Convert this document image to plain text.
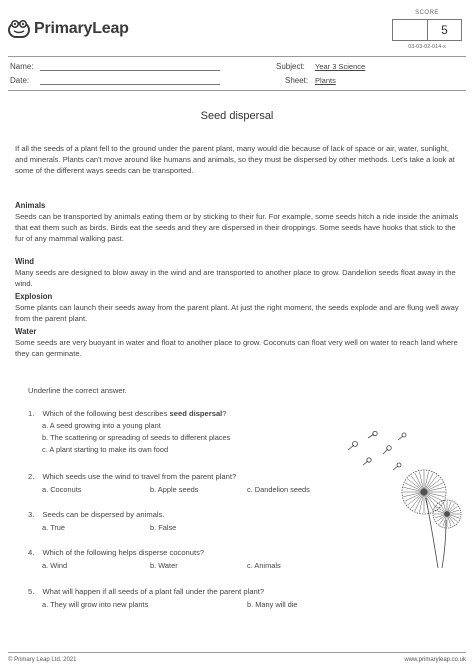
PrimaryLeap
SCORE
5
03-03-02-014-s
Name:
Date:
Subject: Year 3 Science
Sheet: Plants
Seed dispersal

If all the seeds of a plant fell to the ground under the parent plant, many would die because of lack of space or air, water, sunlight, and minerals. Plants can't move around like humans and animals, so they must be dispersed by other methods. Let's take a look at some of the different ways seeds can be transported.

Animals

Seeds can be transported by animals eating them or by sticking to their fur. For example, some seeds hitch a ride inside the animals that eat them such as birds. Birds eat the seeds and they are dispersed in their droppings. Some seeds have hooks that stick to the fur of any mammal walking past.

Wind

Many seeds are designed to blow away in the wind and are transported to another place to grow. Dandelion seeds float away in the wind.

Explosion

Some plants can launch their seeds away from the parent plant. At just the right moment, the seeds explode and are flung well away from the parent plant.

Water

Some seeds are very buoyant in water and float to another place to grow. Coconuts can float very well on water to reach land where they can germinate.

Underline the correct answer.
1. Which of the following best describes seed dispersal?
a. A seed growing into a young plant
b. The scattering or spreading of seeds to different places
c. A plant starting to make its own food
2. Which seeds use the wind to travel from the parent plant?
a. Coconuts	b. Apple seeds	c. Dandelion seeds
3. Seeds can be dispersed by animals.
a. True	b. False
4. Which of the following helps disperse coconuts?
a. Wind	b. Water	c. Animals
5. What will happen if all seeds of a plant fall under the parent plant?
a. They will grow into new plants	b. Many will die
© Primary Leap Ltd. 2021	www.primaryleap.co.uk
